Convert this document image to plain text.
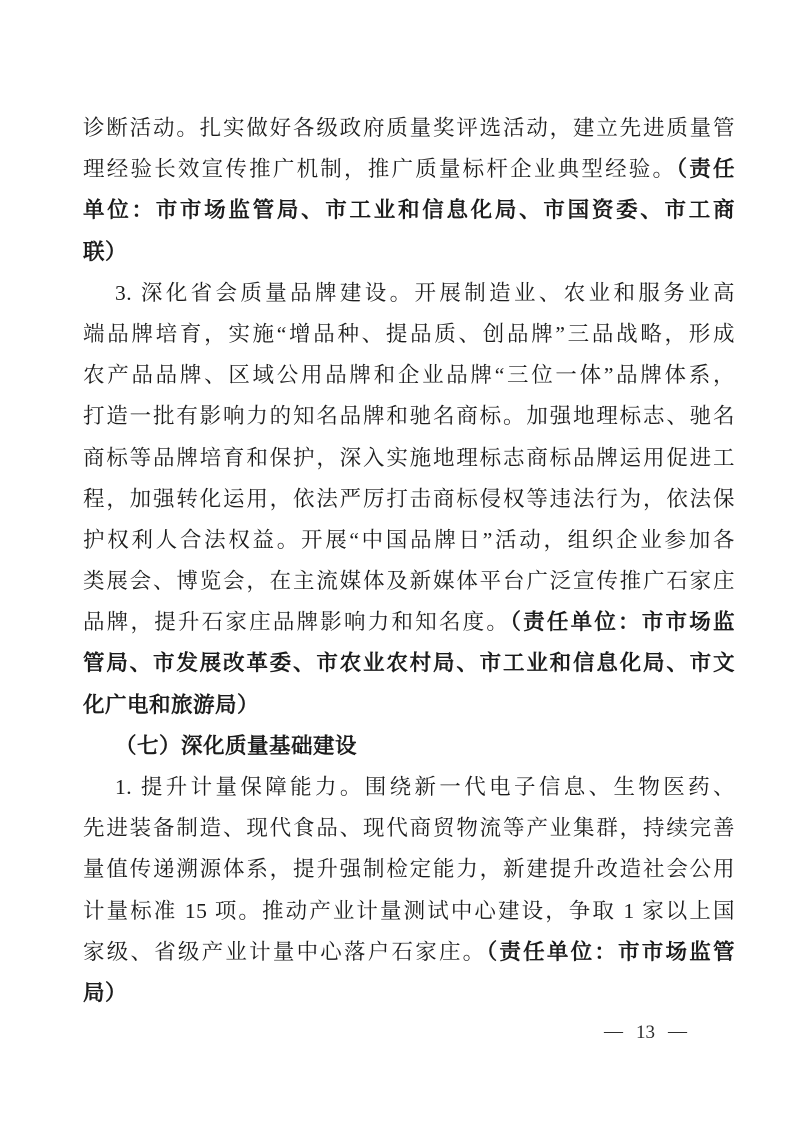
诊断活动。扎实做好各级政府质量奖评选活动，建立先进质量管
理经验长效宣传推广机制，推广质量标杆企业典型经验。（责任
单位：市市场监管局、市工业和信息化局、市国资委、市工商
联）
3. 深化省会质量品牌建设。开展制造业、农业和服务业高
端品牌培育，实施“增品种、提品质、创品牌”三品战略，形成
农产品品牌、区域公用品牌和企业品牌“三位一体”品牌体系，
打造一批有影响力的知名品牌和驰名商标。加强地理标志、驰名
商标等品牌培育和保护，深入实施地理标志商标品牌运用促进工
程，加强转化运用，依法严厉打击商标侵权等违法行为，依法保
护权利人合法权益。开展“中国品牌日”活动，组织企业参加各
类展会、博览会，在主流媒体及新媒体平台广泛宣传推广石家庄
品牌，提升石家庄品牌影响力和知名度。（责任单位：市市场监
管局、市发展改革委、市农业农村局、市工业和信息化局、市文
化广电和旅游局）
（七）深化质量基础建设
1. 提升计量保障能力。围绕新一代电子信息、生物医药、
先进装备制造、现代食品、现代商贸物流等产业集群，持续完善
量值传递溯源体系，提升强制检定能力，新建提升改造社会公用
计量标准 15 项。推动产业计量测试中心建设，争取 1 家以上国
家级、省级产业计量中心落户石家庄。（责任单位：市市场监管
局）
— 13 —
